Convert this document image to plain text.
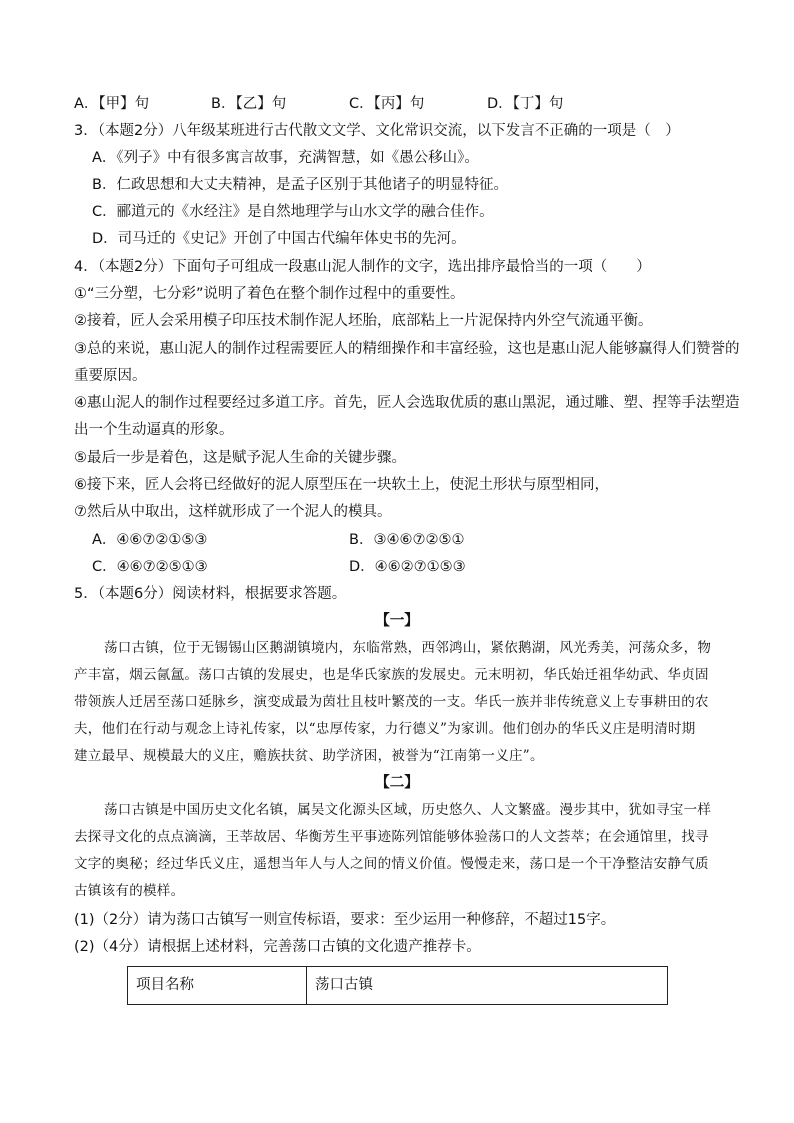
A．【甲】句	B．【乙】句	C．【丙】句	D．【丁】句
3．（本题2分）八年级某班进行古代散文文学、文化常识交流，以下发言不正确的一项是（　）
A．《列子》中有很多寓言故事，充满智慧，如《愚公移山》。
B．仁政思想和大丈夫精神，是孟子区别于其他诸子的明显特征。
C．郦道元的《水经注》是自然地理学与山水文学的融合佳作。
D．司马迁的《史记》开创了中国古代编年体史书的先河。
4．（本题2分）下面句子可组成一段惠山泥人制作的文字，选出排序最恰当的一项（　　）
①“三分塑，七分彩”说明了着色在整个制作过程中的重要性。
②接着，匠人会采用模子印压技术制作泥人坯胎，底部粘上一片泥保持内外空气流通平衡。
③总的来说，惠山泥人的制作过程需要匠人的精细操作和丰富经验，这也是惠山泥人能够赢得人们赞誉的
重要原因。
④惠山泥人的制作过程要经过多道工序。首先，匠人会选取优质的惠山黑泥，通过雕、塑、捏等手法塑造
出一个生动逼真的形象。
⑤最后一步是着色，这是赋予泥人生命的关键步骤。
⑥接下来，匠人会将已经做好的泥人原型压在一块软土上，使泥土形状与原型相同，
⑦然后从中取出，这样就形成了一个泥人的模具。
A．④⑥⑦②①⑤③	B．③④⑥⑦②⑤①
C．④⑥⑦②⑤①③	D．④⑥②⑦①⑤③
5．（本题6分）阅读材料，根据要求答题。
【一】
荡口古镇，位于无锡锡山区鹅湖镇境内，东临常熟，西邻鸿山，紧依鹅湖，风光秀美，河荡众多，物
产丰富，烟云氤氲。荡口古镇的发展史，也是华氏家族的发展史。元末明初，华氏始迁祖华幼武、华贞固
带领族人迁居至荡口延脉乡，演变成最为茵壮且枝叶繁茂的一支。华氏一族并非传统意义上专事耕田的农
夫，他们在行动与观念上诗礼传家，以“忠厚传家，力行德义”为家训。他们创办的华氏义庄是明清时期
建立最早、规模最大的义庄，赡族扶贫、助学济困，被誉为“江南第一义庄”。
【二】
荡口古镇是中国历史文化名镇，属吴文化源头区域，历史悠久、人文繁盛。漫步其中，犹如寻宝一样
去探寻文化的点点滴滴，王莘故居、华衡芳生平事迹陈列馆能够体验荡口的人文荟萃；在会通馆里，找寻
文字的奥秘；经过华氏义庄，遥想当年人与人之间的情义价值。慢慢走来，荡口是一个干净整洁安静气质
古镇该有的模样。
(1)（2分）请为荡口古镇写一则宣传标语，要求：至少运用一种修辞，不超过15字。
(2)（4分）请根据上述材料，完善荡口古镇的文化遗产推荐卡。
项目名称	荡口古镇
